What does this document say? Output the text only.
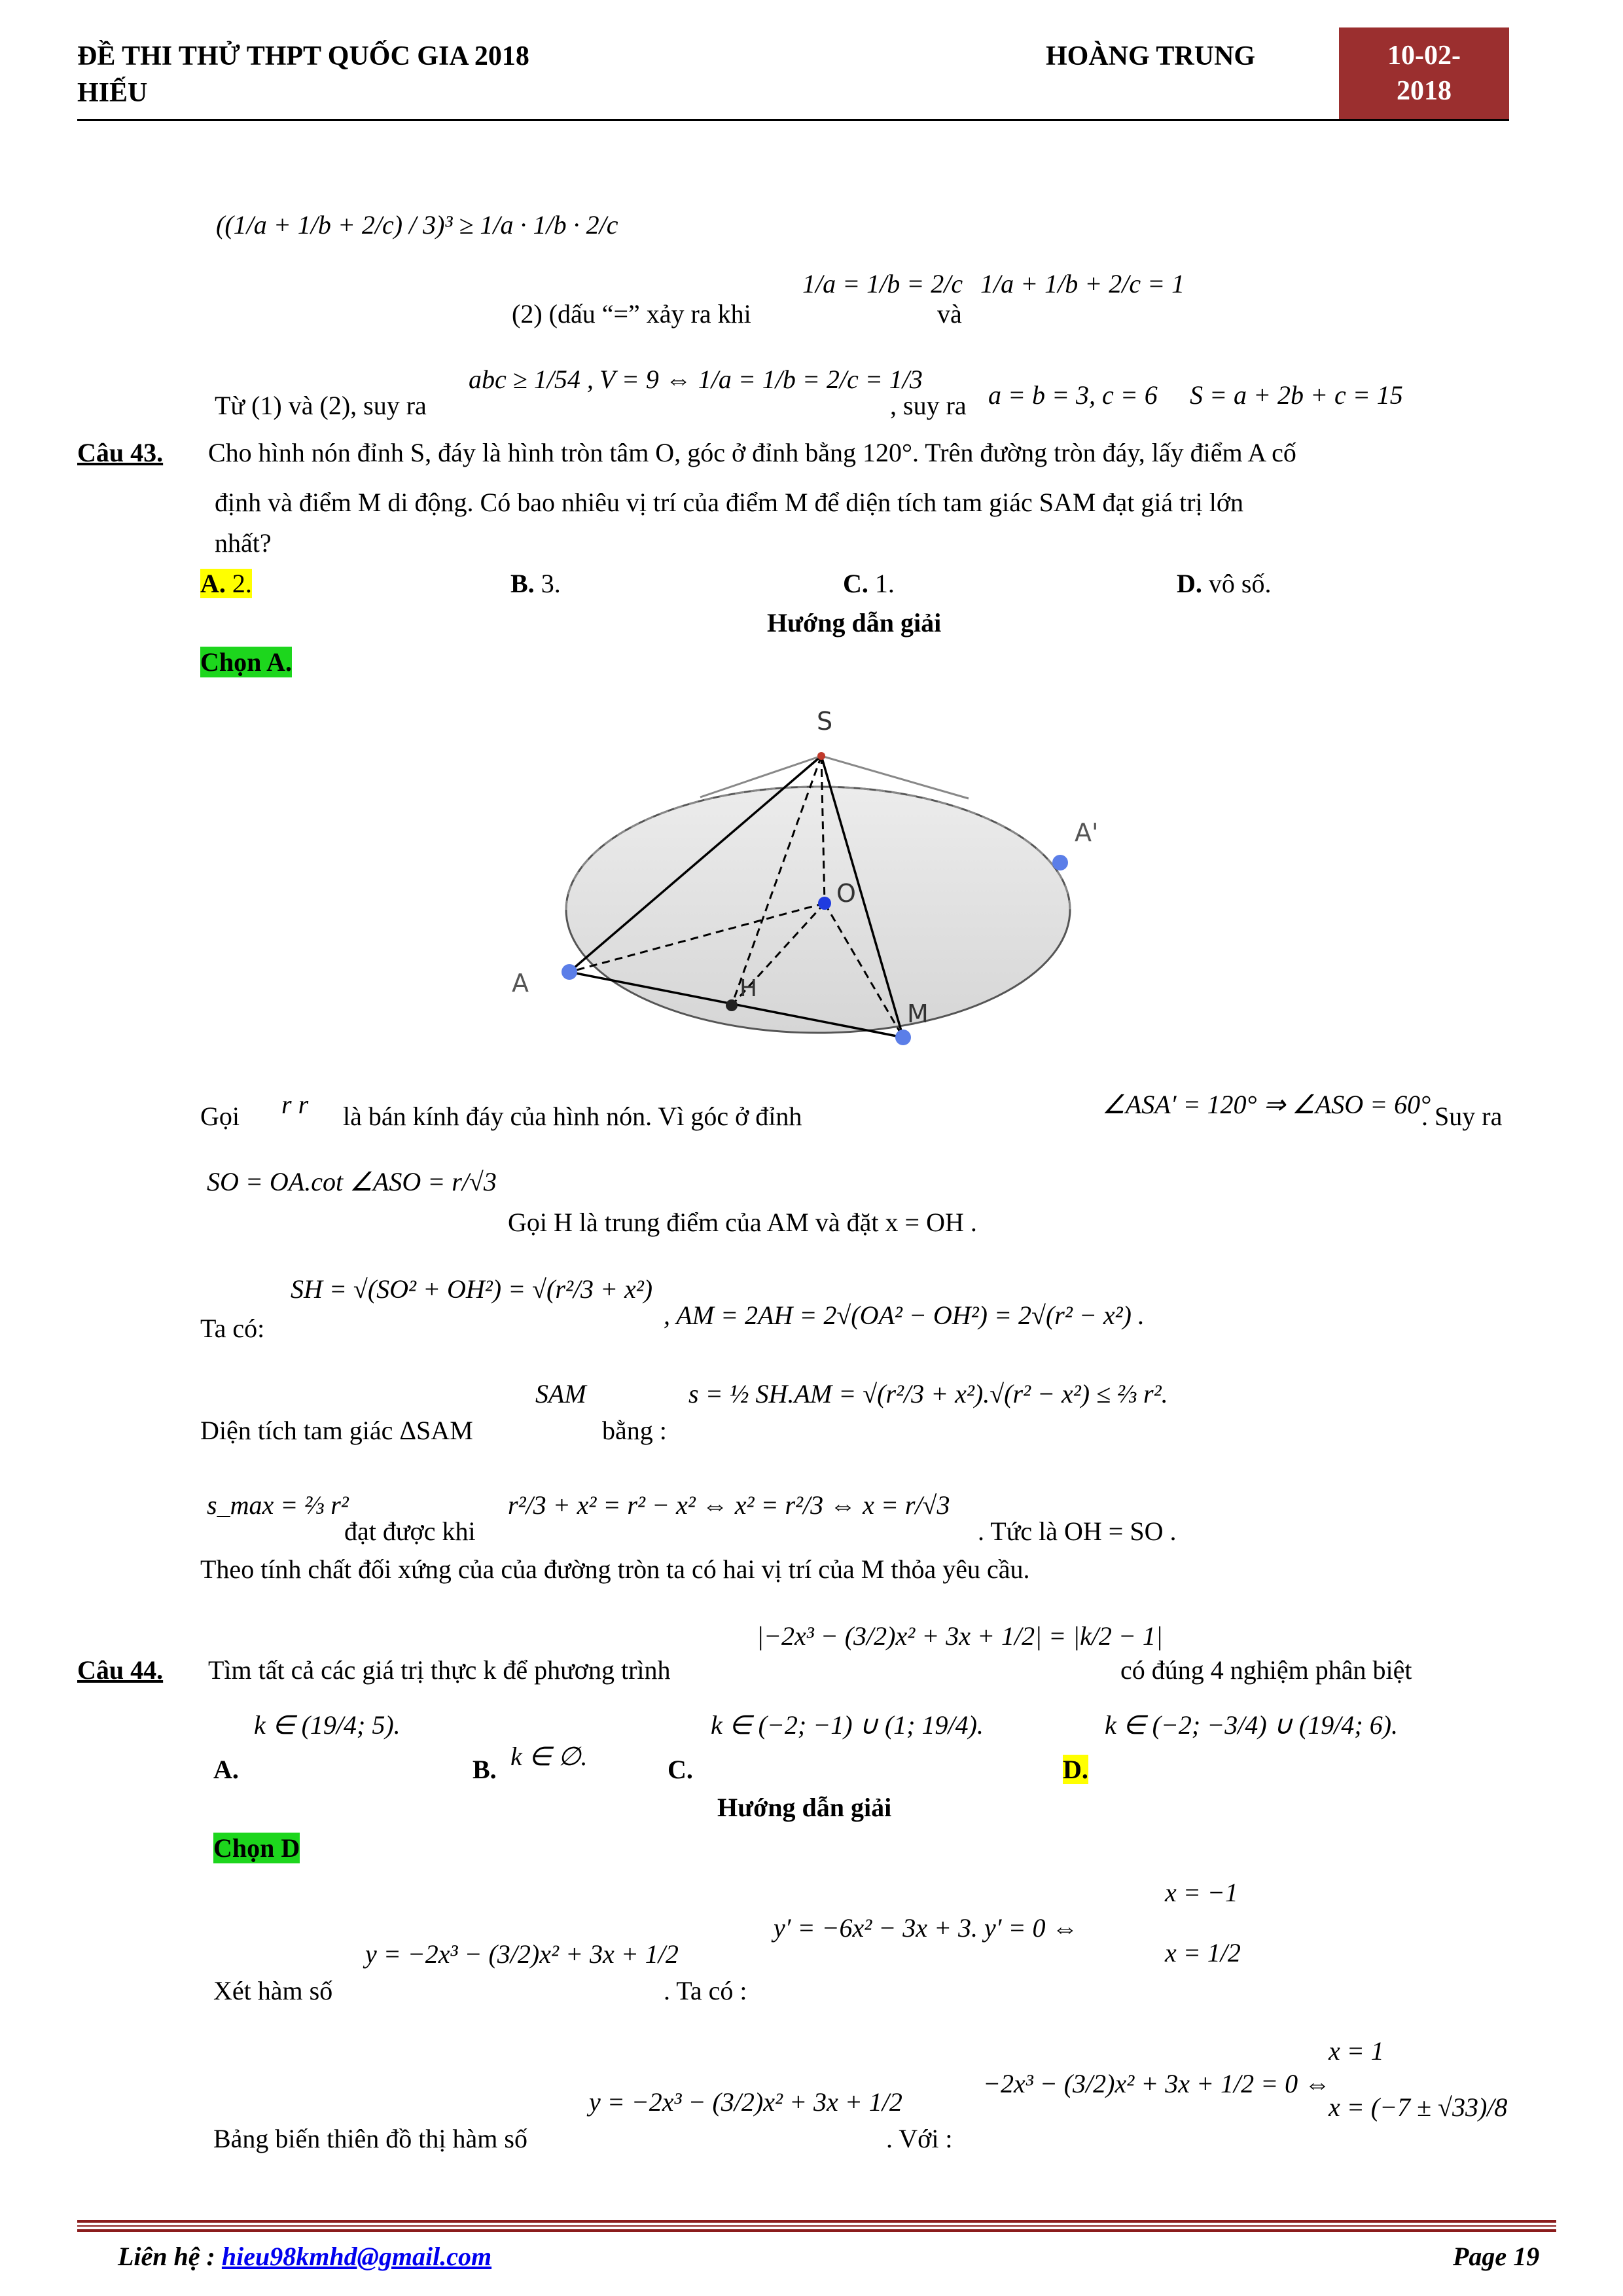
ĐỀ THI THỬ THPT QUỐC GIA 2018
HIẾU
HOÀNG TRUNG	10-02-
2018
((1/a + 1/b + 2/c) / 3)³ ≥ 1/a · 1/b · 2/c
(2) (dấu “=” xảy ra khi
1/a = 1/b = 2/c
và
1/a + 1/b + 2/c = 1
Từ (1) và (2), suy ra
abc ≥ 1/54 , V = 9 ⇔ 1/a = 1/b = 2/c = 1/3
, suy ra a = b = 3, c = 6 S = a + 2b + c = 15
Câu 43. Cho hình nón đỉnh S, đáy là hình tròn tâm O, góc ở đỉnh bằng 120°. Trên đường tròn đáy, lấy điểm A cố
định và điểm M di động. Có bao nhiêu vị trí của điểm M để diện tích tam giác SAM đạt giá trị lớn
nhất?
A. 2.	B. 3.	C. 1.	D. vô số.
Hướng dẫn giải
Chọn A.
S
O
A
A'
H
M
Gọi r r là bán kính đáy của hình nón. Vì góc ở đỉnh	∠ASA′ = 120° ⇒ ∠ASO = 60°
. Suy ra
SO = OA.cot ∠ASO = r/√3
Gọi H là trung điểm của AM và đặt x = OH .
Ta có:
SH = √(SO² + OH²) = √(r²/3 + x²)
, AM = 2AH = 2√(OA² − OH²) = 2√(r² − x²) .
Diện tích tam giác ΔSAM
SAM
bằng :
s = ½ SH.AM = √(r²/3 + x²).√(r² − x²) ≤ ⅔ r².
s_max = ⅔ r²
đạt được khi
r²/3 + x² = r² − x² ⇔ x² = r²/3 ⇔ x = r/√3
. Tức là OH = SO .
Theo tính chất đối xứng của của đường tròn ta có hai vị trí của M thỏa yêu cầu.
Câu 44. Tìm tất cả các giá trị thực k để phương trình
|−2x³ − (3/2)x² + 3x + 1/2| = |k/2 − 1|
có đúng 4 nghiệm phân biệt
A.
k ∈ (19/4; 5).
B. k ∈ ∅.	C.
k ∈ (−2; −1) ∪ (1; 19/4).
D.
k ∈ (−2; −3/4) ∪ (19/4; 6).
Hướng dẫn giải
Chọn D
Xét hàm số
y = −2x³ − (3/2)x² + 3x + 1/2
. Ta có :
y′ = −6x² − 3x + 3. y′ = 0 ⇔
x = −1
x = 1/2
Bảng biến thiên đồ thị hàm số
y = −2x³ − (3/2)x² + 3x + 1/2
. Với :
−2x³ − (3/2)x² + 3x + 1/2 = 0 ⇔
x = 1
x = (−7 ± √33)/8
Liên hệ : hieu98kmhd@gmail.com	Page 19
